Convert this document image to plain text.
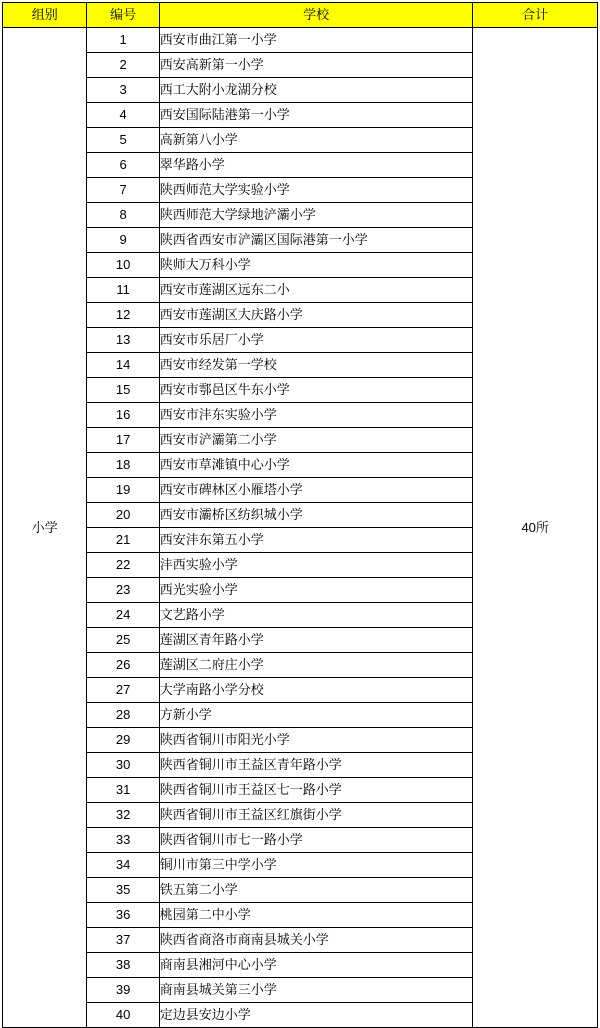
组别	编号	学校	合计
小学	1	西安市曲江第一小学	40所
	2	西安高新第一小学	
	3	西工大附小龙湖分校	
	4	西安国际陆港第一小学	
	5	高新第八小学	
	6	翠华路小学	
	7	陕西师范大学实验小学	
	8	陕西师范大学绿地浐灞小学	
	9	陕西省西安市浐灞区国际港第一小学	
	10	陕师大万科小学	
	11	西安市莲湖区远东二小	
	12	西安市莲湖区大庆路小学	
	13	西安市乐居厂小学	
	14	西安市经发第一学校	
	15	西安市鄠邑区牛东小学	
	16	西安市沣东实验小学	
	17	西安市浐灞第二小学	
	18	西安市草滩镇中心小学	
	19	西安市碑林区小雁塔小学	
	20	西安市灞桥区纺织城小学	
	21	西安沣东第五小学	
	22	沣西实验小学	
	23	西光实验小学	
	24	文艺路小学	
	25	莲湖区青年路小学	
	26	莲湖区二府庄小学	
	27	大学南路小学分校	
	28	方新小学	
	29	陕西省铜川市阳光小学	
	30	陕西省铜川市王益区青年路小学	
	31	陕西省铜川市王益区七一路小学	
	32	陕西省铜川市王益区红旗街小学	
	33	陕西省铜川市七一路小学	
	34	铜川市第三中学小学	
	35	铁五第二小学	
	36	桃园第二中小学	
	37	陕西省商洛市商南县城关小学	
	38	商南县湘河中心小学	
	39	商南县城关第三小学	
	40	定边县安边小学	
